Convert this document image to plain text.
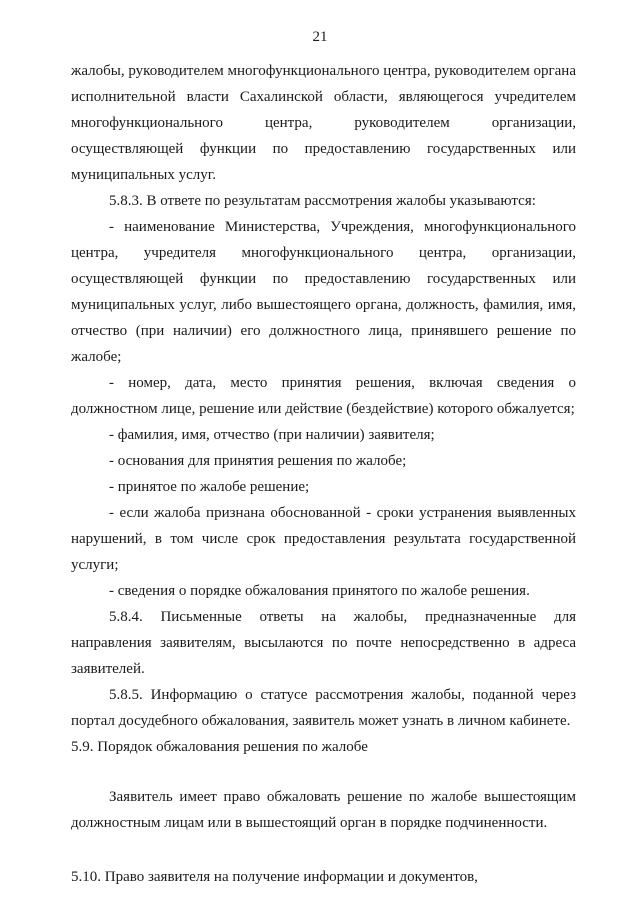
21

жалобы, руководителем многофункционального центра, руководителем органа исполнительной власти Сахалинской области, являющегося учредителем многофункционального центра, руководителем организации, осуществляющей функции по предоставлению государственных или муниципальных услуг.

5.8.3. В ответе по результатам рассмотрения жалобы указываются:

- наименование Министерства, Учреждения, многофункционального центра, учредителя многофункционального центра, организации, осуществляющей функции по предоставлению государственных или муниципальных услуг, либо вышестоящего органа, должность, фамилия, имя, отчество (при наличии) его должностного лица, принявшего решение по жалобе;

- номер, дата, место принятия решения, включая сведения о должностном лице, решение или действие (бездействие) которого обжалуется;

- фамилия, имя, отчество (при наличии) заявителя;

- основания для принятия решения по жалобе;

- принятое по жалобе решение;

- если жалоба признана обоснованной - сроки устранения выявленных нарушений, в том числе срок предоставления результата государственной услуги;

- сведения о порядке обжалования принятого по жалобе решения.

5.8.4. Письменные ответы на жалобы, предназначенные для направления заявителям, высылаются по почте непосредственно в адреса заявителей.

5.8.5. Информацию о статусе рассмотрения жалобы, поданной через портал досудебного обжалования, заявитель может узнать в личном кабинете.

5.9. Порядок обжалования решения по жалобе

Заявитель имеет право обжаловать решение по жалобе вышестоящим должностным лицам или в вышестоящий орган в порядке подчиненности.

5.10. Право заявителя на получение информации и документов,
